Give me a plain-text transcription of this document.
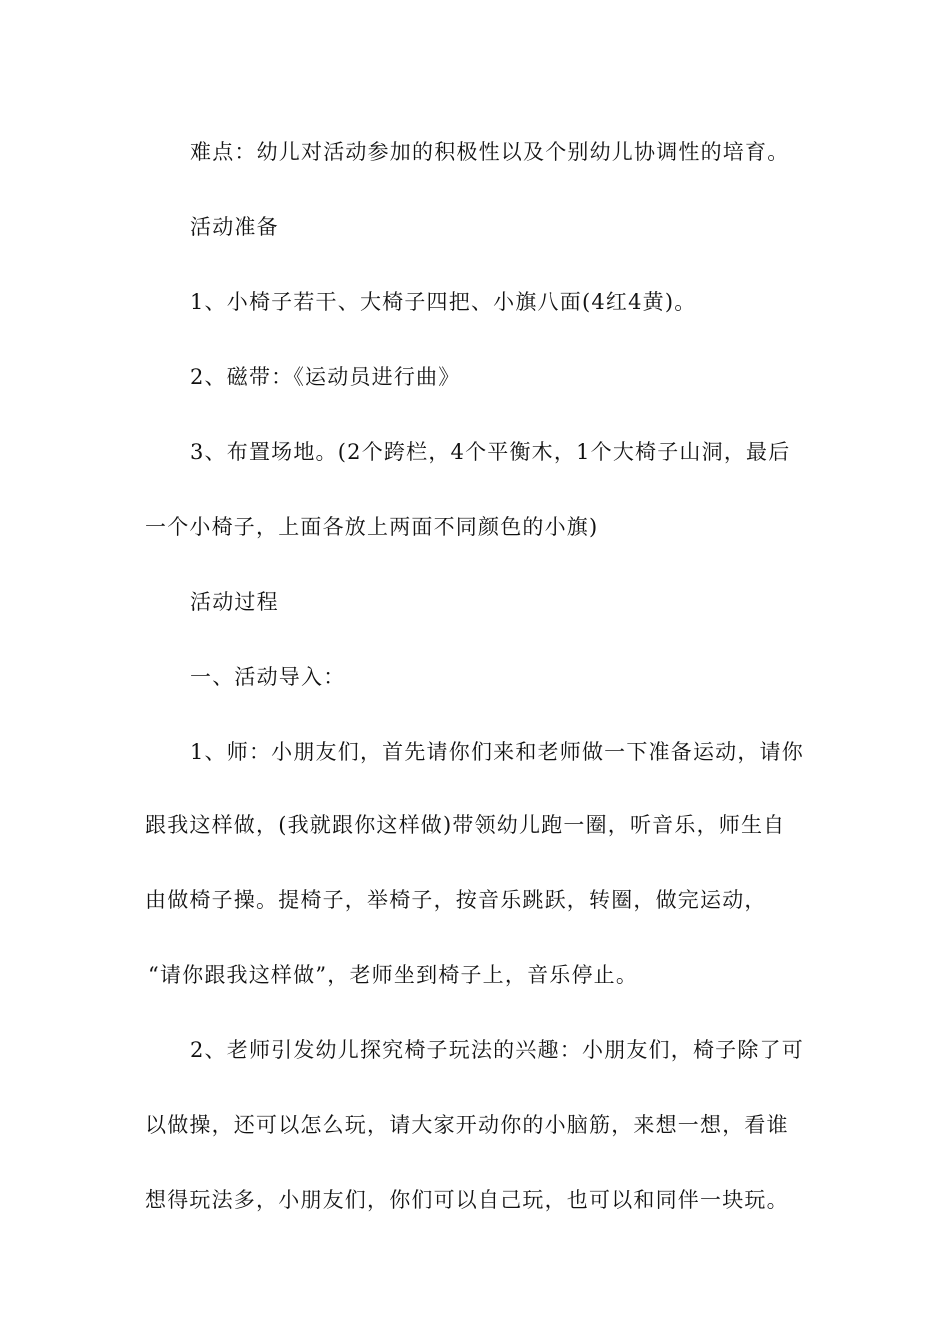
难点：幼儿对活动参加的积极性以及个别幼儿协调性的培育。
活动准备
1、小椅子若干、大椅子四把、小旗八面(4红4黄)。
2、磁带：《运动员进行曲》
3、布置场地。(2个跨栏，4个平衡木，1个大椅子山洞，最后
一个小椅子，上面各放上两面不同颜色的小旗)
活动过程
一、活动导入：
1、师：小朋友们，首先请你们来和老师做一下准备运动，请你
跟我这样做，(我就跟你这样做)带领幼儿跑一圈，听音乐，师生自
由做椅子操。提椅子，举椅子，按音乐跳跃，转圈，做完运动，
“请你跟我这样做”，老师坐到椅子上，音乐停止。
2、老师引发幼儿探究椅子玩法的兴趣：小朋友们，椅子除了可
以做操，还可以怎么玩，请大家开动你的小脑筋，来想一想，看谁
想得玩法多，小朋友们，你们可以自己玩，也可以和同伴一块玩。
